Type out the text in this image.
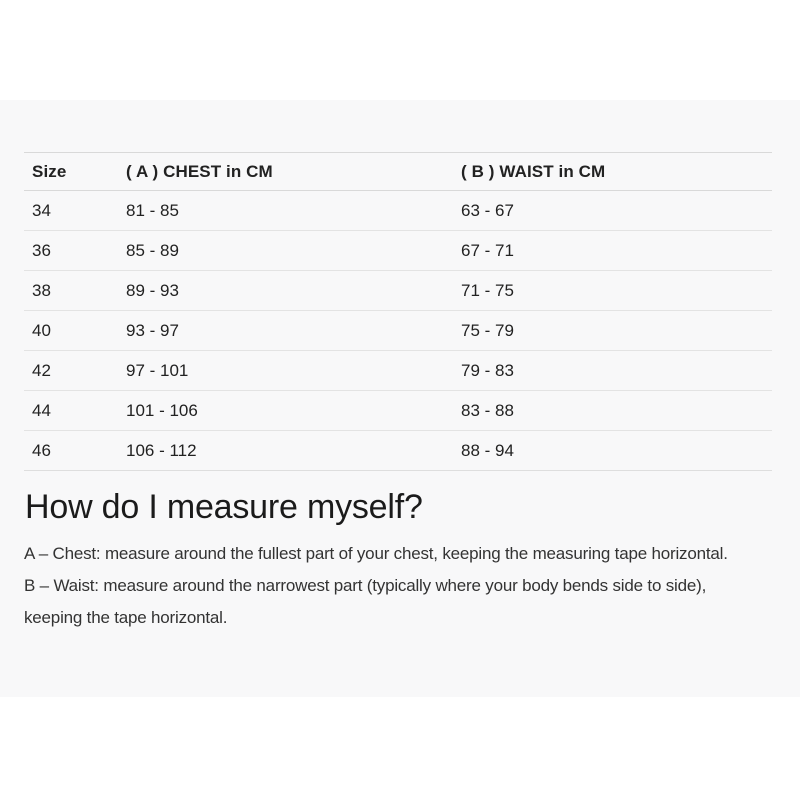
Size	( A ) CHEST in CM	( B ) WAIST in CM
34	81 - 85	63 - 67
36	85 - 89	67 - 71
38	89 - 93	71 - 75
40	93 - 97	75 - 79
42	97 - 101	79 - 83
44	101 - 106	83 - 88
46	106 - 112	88 - 94
How do I measure myself?

A – Chest: measure around the fullest part of your chest, keeping the measuring tape horizontal.

B – Waist: measure around the narrowest part (typically where your body bends side to side), keeping the tape horizontal.
